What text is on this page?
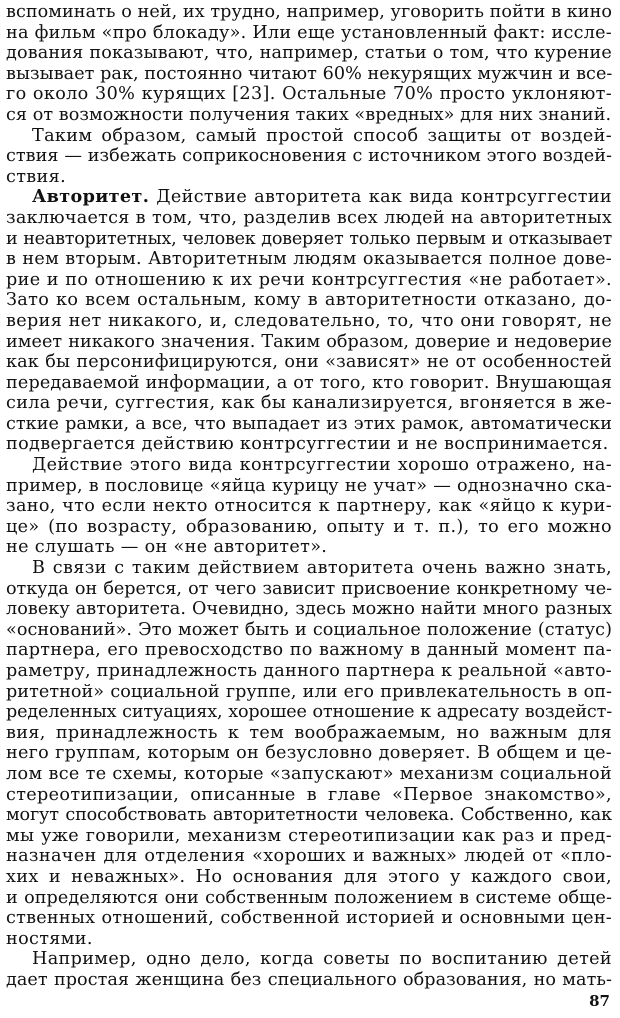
вспоминать о ней, их трудно, например, уговорить пойти в кино
на фильм «про блокаду». Или еще установленный факт: иссле-
дования показывают, что, например, статьи о том, что курение
вызывает рак, постоянно читают 60% некурящих мужчин и все-
го около 30% курящих [23]. Остальные 70% просто уклоняют-
ся от возможности получения таких «вредных» для них знаний.
Таким образом, самый простой способ защиты от воздей-
ствия — избежать соприкосновения с источником этого воздей-
ствия.
Авторитет. Действие авторитета как вида контрсуггестии
заключается в том, что, разделив всех людей на авторитетных
и неавторитетных, человек доверяет только первым и отказывает
в нем вторым. Авторитетным людям оказывается полное дове-
рие и по отношению к их речи контрсуггестия «не работает».
Зато ко всем остальным, кому в авторитетности отказано, до-
верия нет никакого, и, следовательно, то, что они говорят, не
имеет никакого значения. Таким образом, доверие и недоверие
как бы персонифицируются, они «зависят» не от особенностей
передаваемой информации, а от того, кто говорит. Внушающая
сила речи, суггестия, как бы канализируется, вгоняется в же-
сткие рамки, а все, что выпадает из этих рамок, автоматически
подвергается действию контрсуггестии и не воспринимается.
Действие этого вида контрсуггестии хорошо отражено, на-
пример, в пословице «яйца курицу не учат» — однозначно ска-
зано, что если некто относится к партнеру, как «яйцо к кури-
це» (по возрасту, образованию, опыту и т. п.), то его можно
не слушать — он «не авторитет».
В связи с таким действием авторитета очень важно знать,
откуда он берется, от чего зависит присвоение конкретному че-
ловеку авторитета. Очевидно, здесь можно найти много разных
«оснований». Это может быть и социальное положение (статус)
партнера, его превосходство по важному в данный момент па-
раметру, принадлежность данного партнера к реальной «авто-
ритетной» социальной группе, или его привлекательность в оп-
ределенных ситуациях, хорошее отношение к адресату воздейст-
вия, принадлежность к тем воображаемым, но важным для
него группам, которым он безусловно доверяет. В общем и це-
лом все те схемы, которые «запускают» механизм социальной
стереотипизации, описанные в главе «Первое знакомство»,
могут способствовать авторитетности человека. Собственно, как
мы уже говорили, механизм стереотипизации как раз и пред-
назначен для отделения «хороших и важных» людей от «пло-
хих и неважных». Но основания для этого у каждого свои,
и определяются они собственным положением в системе обще-
ственных отношений, собственной историей и основными цен-
ностями.
Например, одно дело, когда советы по воспитанию детей
дает простая женщина без специального образования, но мать-
87
